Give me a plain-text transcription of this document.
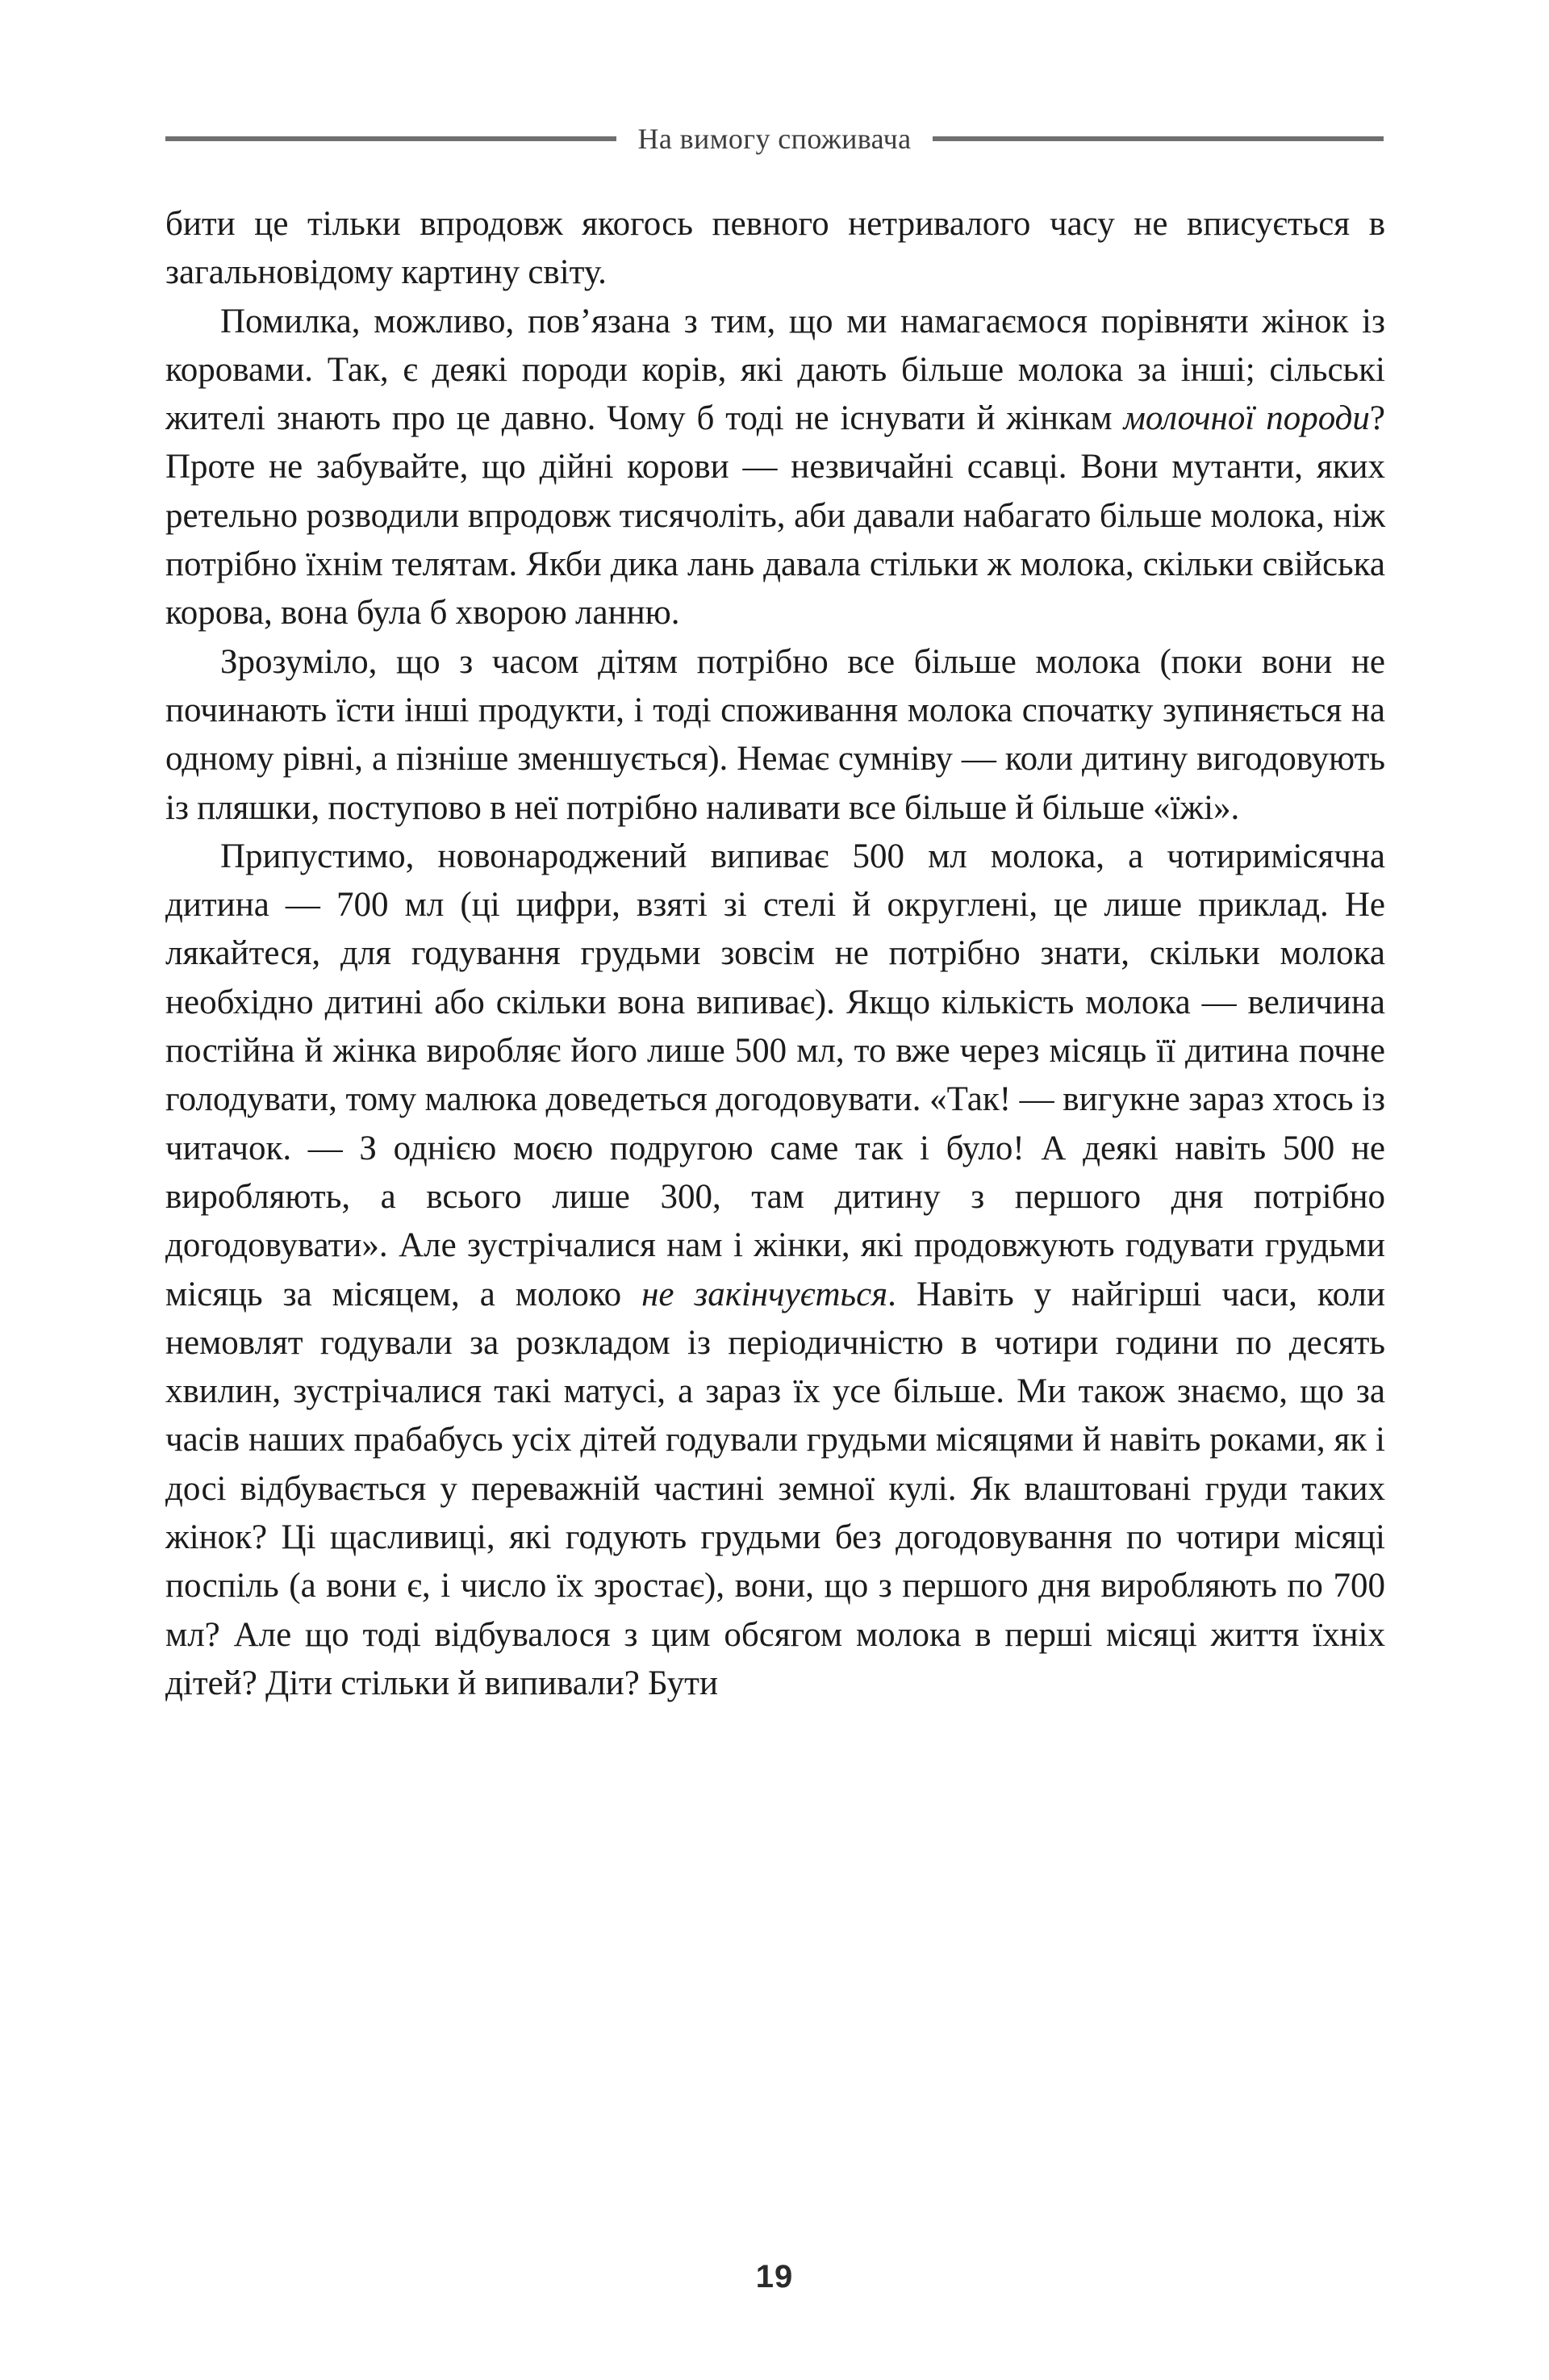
На вимогу споживача

бити це тільки впродовж якогось певного нетривалого часу не вписується в загальновідому картину світу.

Помилка, можливо, пов’язана з тим, що ми намагаємося порівняти жінок із коровами. Так, є деякі породи корів, які дають більше молока за інші; сільські жителі знають про це давно. Чому б тоді не існувати й жінкам молочної породи? Проте не забувайте, що дійні корови — незвичайні ссавці. Вони мутанти, яких ретельно розводили впродовж тисячоліть, аби давали набагато більше молока, ніж потрібно їхнім телятам. Якби дика лань давала стільки ж молока, скільки свійська корова, вона була б хворою ланню.

Зрозуміло, що з часом дітям потрібно все більше молока (поки вони не починають їсти інші продукти, і тоді споживання молока спочатку зупиняється на одному рівні, а пізніше зменшується). Немає сумніву — коли дитину вигодовують із пляшки, поступово в неї потрібно наливати все більше й більше «їжі».

Припустимо, новонароджений випиває 500 мл молока, а чотиримісячна дитина — 700 мл (ці цифри, взяті зі стелі й округлені, це лише приклад. Не лякайтеся, для годування грудьми зовсім не потрібно знати, скільки молока необхідно дитині або скільки вона випиває). Якщо кількість молока — величина постійна й жінка виробляє його лише 500 мл, то вже через місяць її дитина почне голодувати, тому малюка доведеться догодовувати. «Так! — вигукне зараз хтось із читачок. — З однією моєю подругою саме так і було! А деякі навіть 500 не виробляють, а всього лише 300, там дитину з першого дня потрібно догодовувати». Але зустрічалися нам і жінки, які продовжують годувати грудьми місяць за місяцем, а молоко не закінчується. Навіть у найгірші часи, коли немовлят годували за розкладом із періодичністю в чотири години по десять хвилин, зустрічалися такі матусі, а зараз їх усе більше. Ми також знаємо, що за часів наших прабабусь усіх дітей годували грудьми місяцями й навіть роками, як і досі відбувається у переважній частині земної кулі. Як влаштовані груди таких жінок? Ці щасливиці, які годують грудьми без догодовування по чотири місяці поспіль (а вони є, і число їх зростає), вони, що з першого дня виробляють по 700 мл? Але що тоді відбувалося з цим обсягом молока в перші місяці життя їхніх дітей? Діти стільки й випивали? Бути

19
